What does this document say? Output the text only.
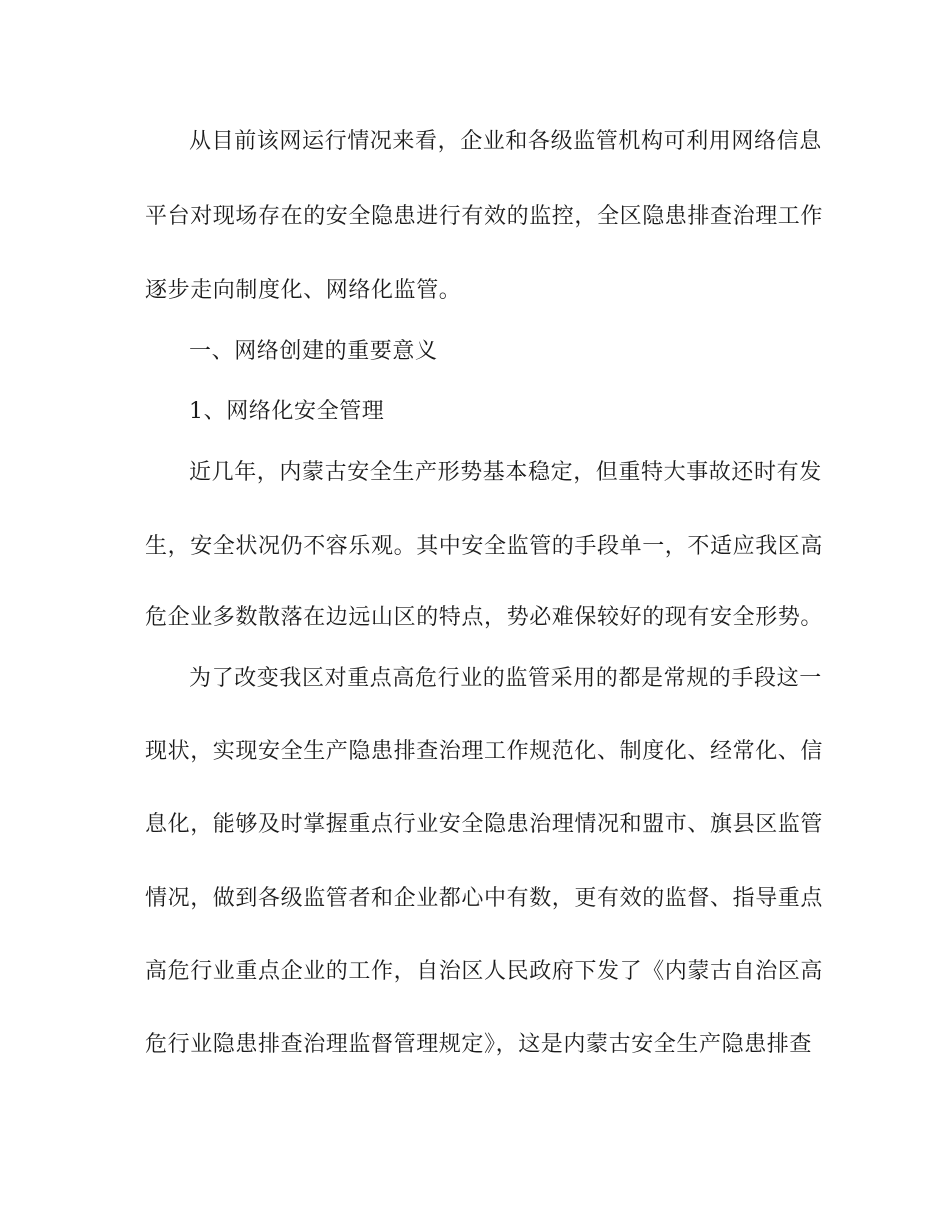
从目前该网运行情况来看，企业和各级监管机构可利用网络信息
平台对现场存在的安全隐患进行有效的监控，全区隐患排查治理工作
逐步走向制度化、网络化监管。
一、网络创建的重要意义
1、网络化安全管理
近几年，内蒙古安全生产形势基本稳定，但重特大事故还时有发
生，安全状况仍不容乐观。其中安全监管的手段单一，不适应我区高
危企业多数散落在边远山区的特点，势必难保较好的现有安全形势。
为了改变我区对重点高危行业的监管采用的都是常规的手段这一
现状，实现安全生产隐患排查治理工作规范化、制度化、经常化、信
息化，能够及时掌握重点行业安全隐患治理情况和盟市、旗县区监管
情况，做到各级监管者和企业都心中有数，更有效的监督、指导重点
高危行业重点企业的工作，自治区人民政府下发了《内蒙古自治区高
危行业隐患排查治理监督管理规定》，这是内蒙古安全生产隐患排查
